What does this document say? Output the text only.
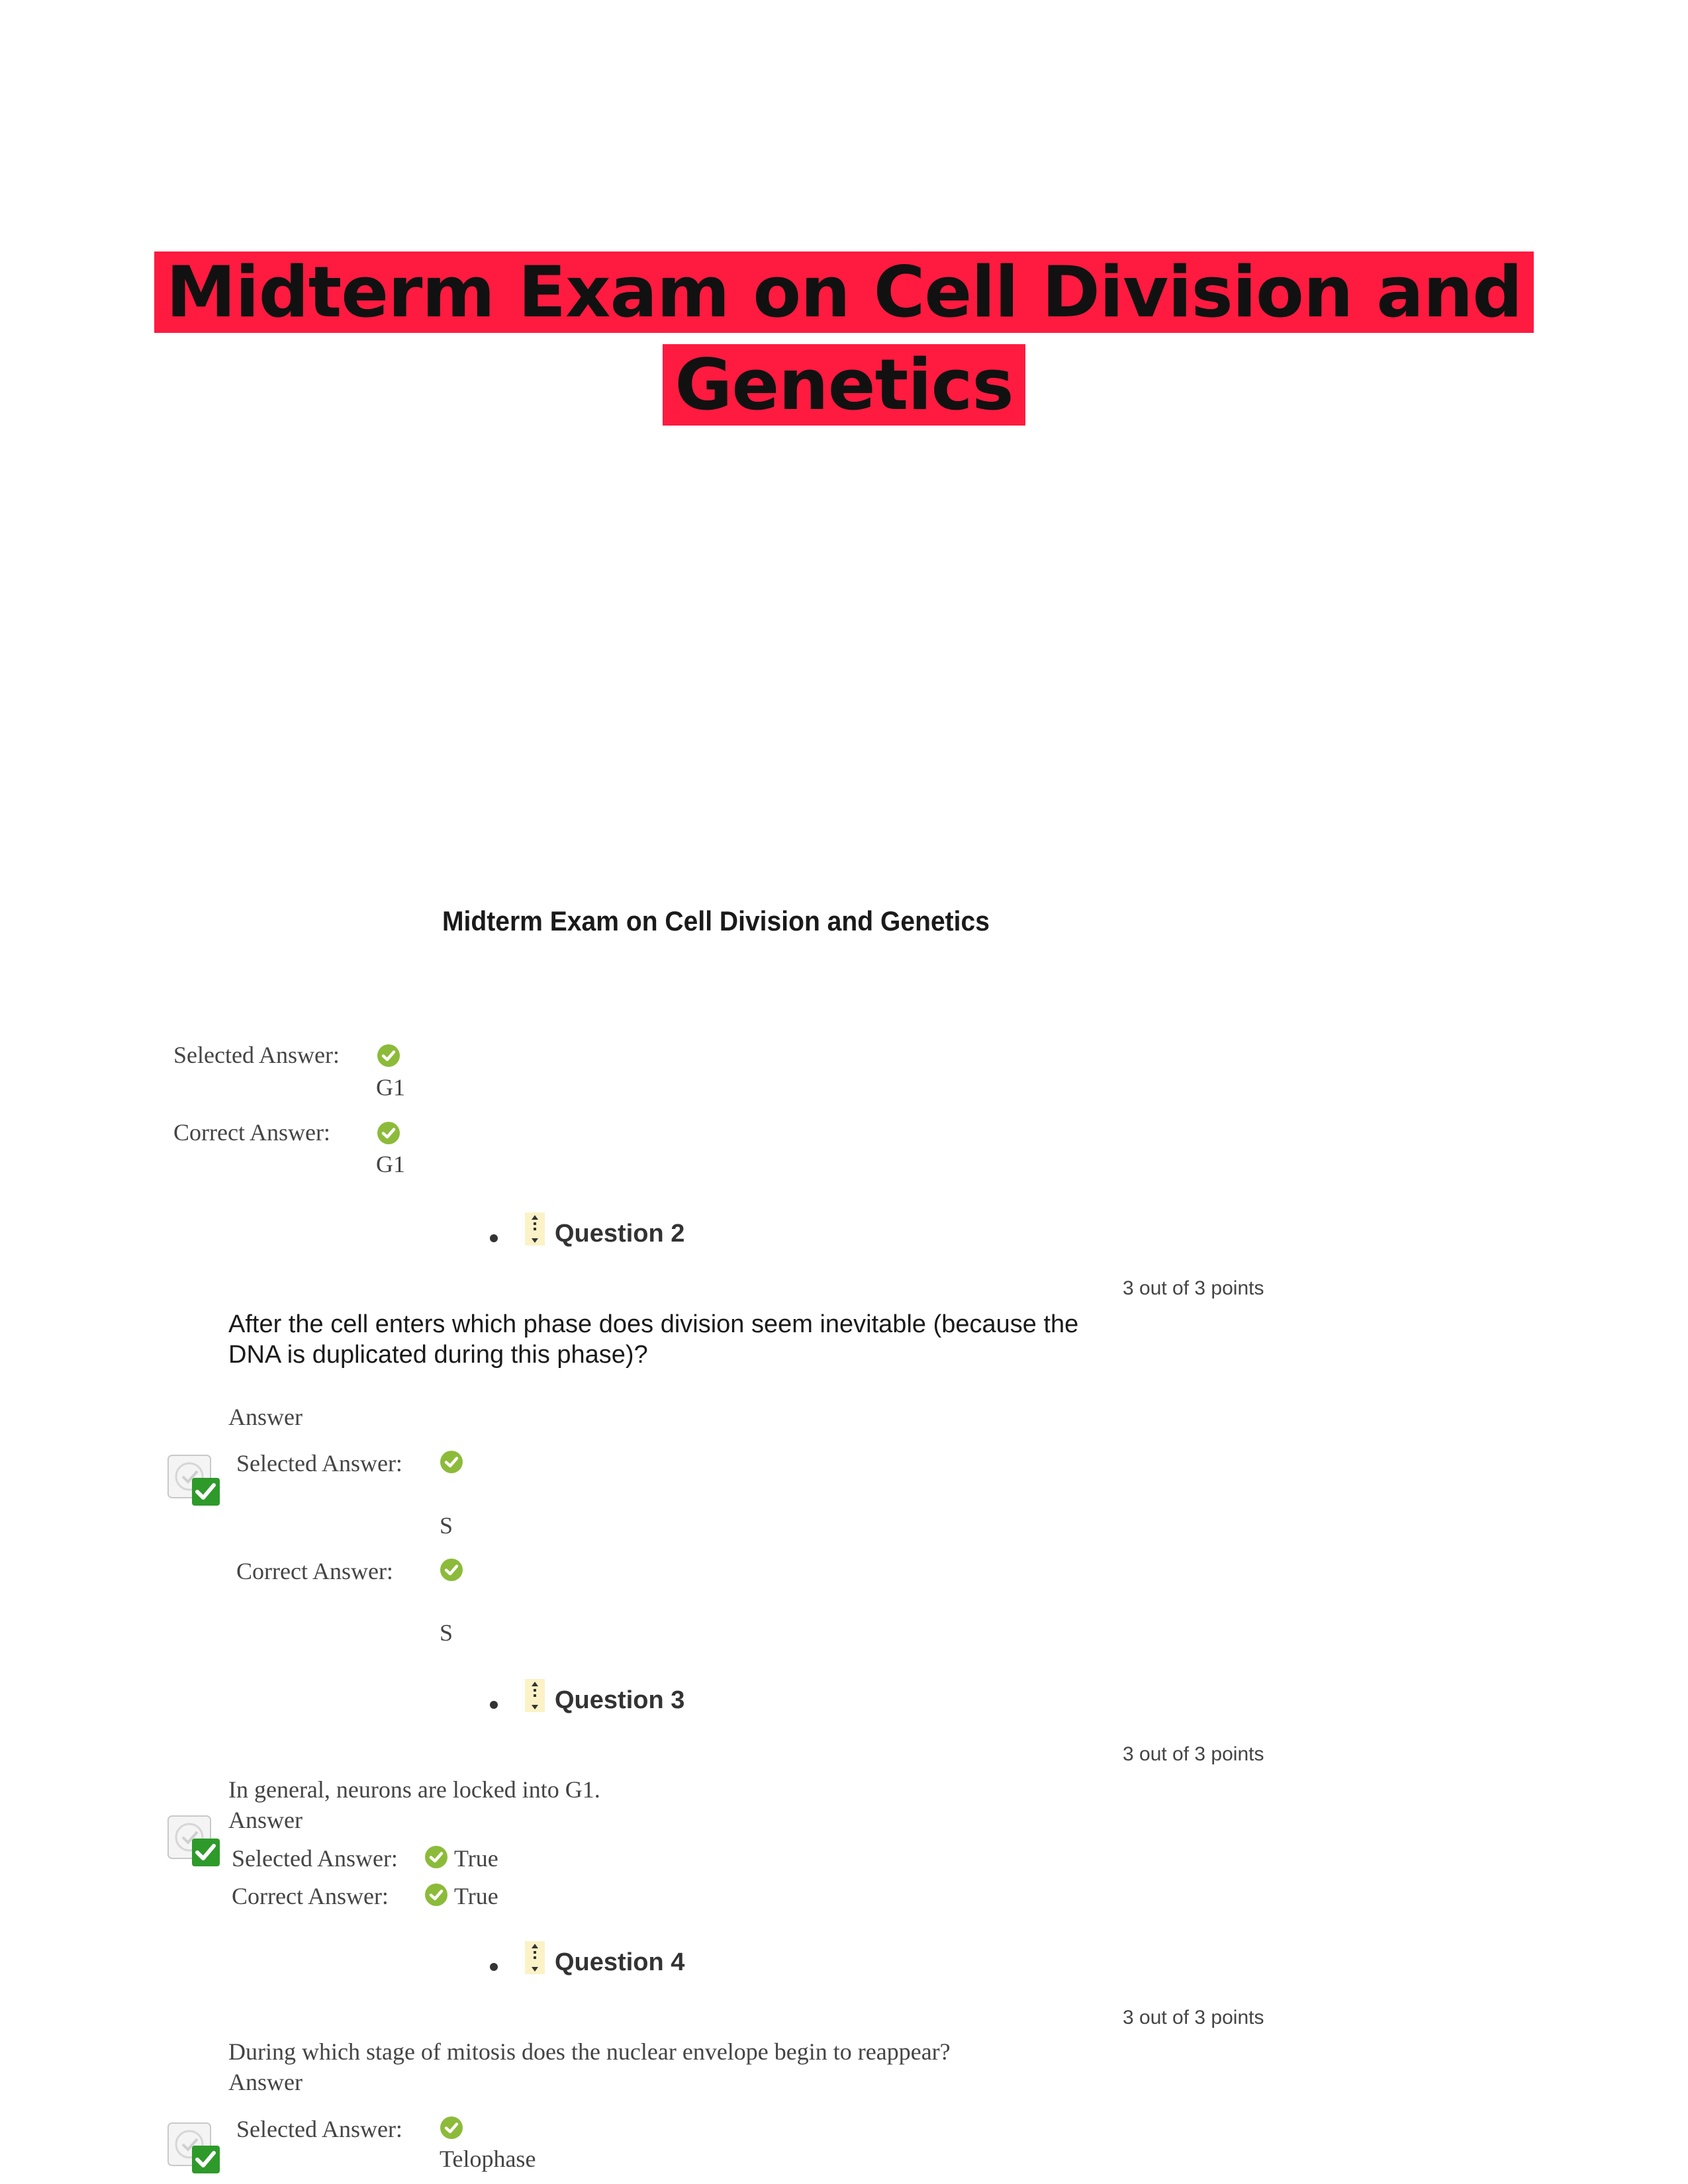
Midterm Exam on Cell Division and
Genetics
Midterm Exam on Cell Division and Genetics
Selected Answer:
G1
Correct Answer:
G1
Question 2
3 out of 3 points
After the cell enters which phase does division seem inevitable (because the
DNA is duplicated during this phase)?
Answer
Selected Answer:
S
Correct Answer:
S
Question 3
3 out of 3 points
In general, neurons are locked into G1.
Answer
Selected Answer: True
Correct Answer:	True
Question 4
3 out of 3 points
During which stage of mitosis does the nuclear envelope begin to reappear?
Answer
Selected Answer:
Telophase
